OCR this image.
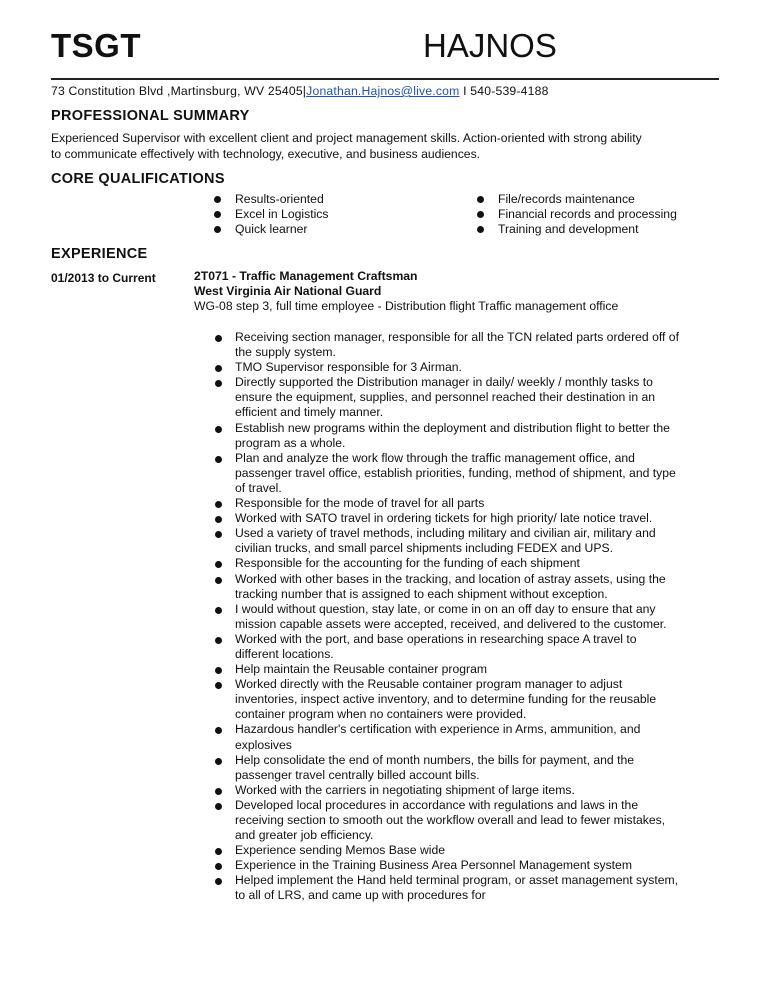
TSGT	HAJNOS
73 Constitution Blvd ,Martinsburg, WV 25405|Jonathan.Hajnos@live.com I 540-539-4188
PROFESSIONAL SUMMARY

Experienced Supervisor with excellent client and project management skills. Action-oriented with strong ability to communicate effectively with technology, executive, and business audiences.

CORE QUALIFICATIONS
Results-oriented
Excel in Logistics
Quick learner
File/records maintenance
Financial records and processing
Training and development
EXPERIENCE
01/2013 to Current	2T071 - Traffic Management Craftsman
West Virginia Air National Guard

WG-08 step 3, full time employee - Distribution flight Traffic management office

Receiving section manager, responsible for all the TCN related parts ordered off of the supply system.
TMO Supervisor responsible for 3 Airman.
Directly supported the Distribution manager in daily/ weekly / monthly tasks to ensure the equipment, supplies, and personnel reached their destination in an efficient and timely manner.
Establish new programs within the deployment and distribution flight to better the program as a whole.
Plan and analyze the work flow through the traffic management office, and passenger travel office, establish priorities, funding, method of shipment, and type of travel.
Responsible for the mode of travel for all parts
Worked with SATO travel in ordering tickets for high priority/ late notice travel.
Used a variety of travel methods, including military and civilian air, military and civilian trucks, and small parcel shipments including FEDEX and UPS.
Responsible for the accounting for the funding of each shipment
Worked with other bases in the tracking, and location of astray assets, using the tracking number that is assigned to each shipment without exception.
I would without question, stay late, or come in on an off day to ensure that any mission capable assets were accepted, received, and delivered to the customer.
Worked with the port, and base operations in researching space A travel to different locations.
Help maintain the Reusable container program
Worked directly with the Reusable container program manager to adjust inventories, inspect active inventory, and to determine funding for the reusable container program when no containers were provided.
Hazardous handler's certification with experience in Arms, ammunition, and explosives
Help consolidate the end of month numbers, the bills for payment, and the passenger travel centrally billed account bills.
Worked with the carriers in negotiating shipment of large items.
Developed local procedures in accordance with regulations and laws in the receiving section to smooth out the workflow overall and lead to fewer mistakes, and greater job efficiency.
Experience sending Memos Base wide
Experience in the Training Business Area Personnel Management system
Helped implement the Hand held terminal program, or asset management system, to all of LRS, and came up with procedures for
